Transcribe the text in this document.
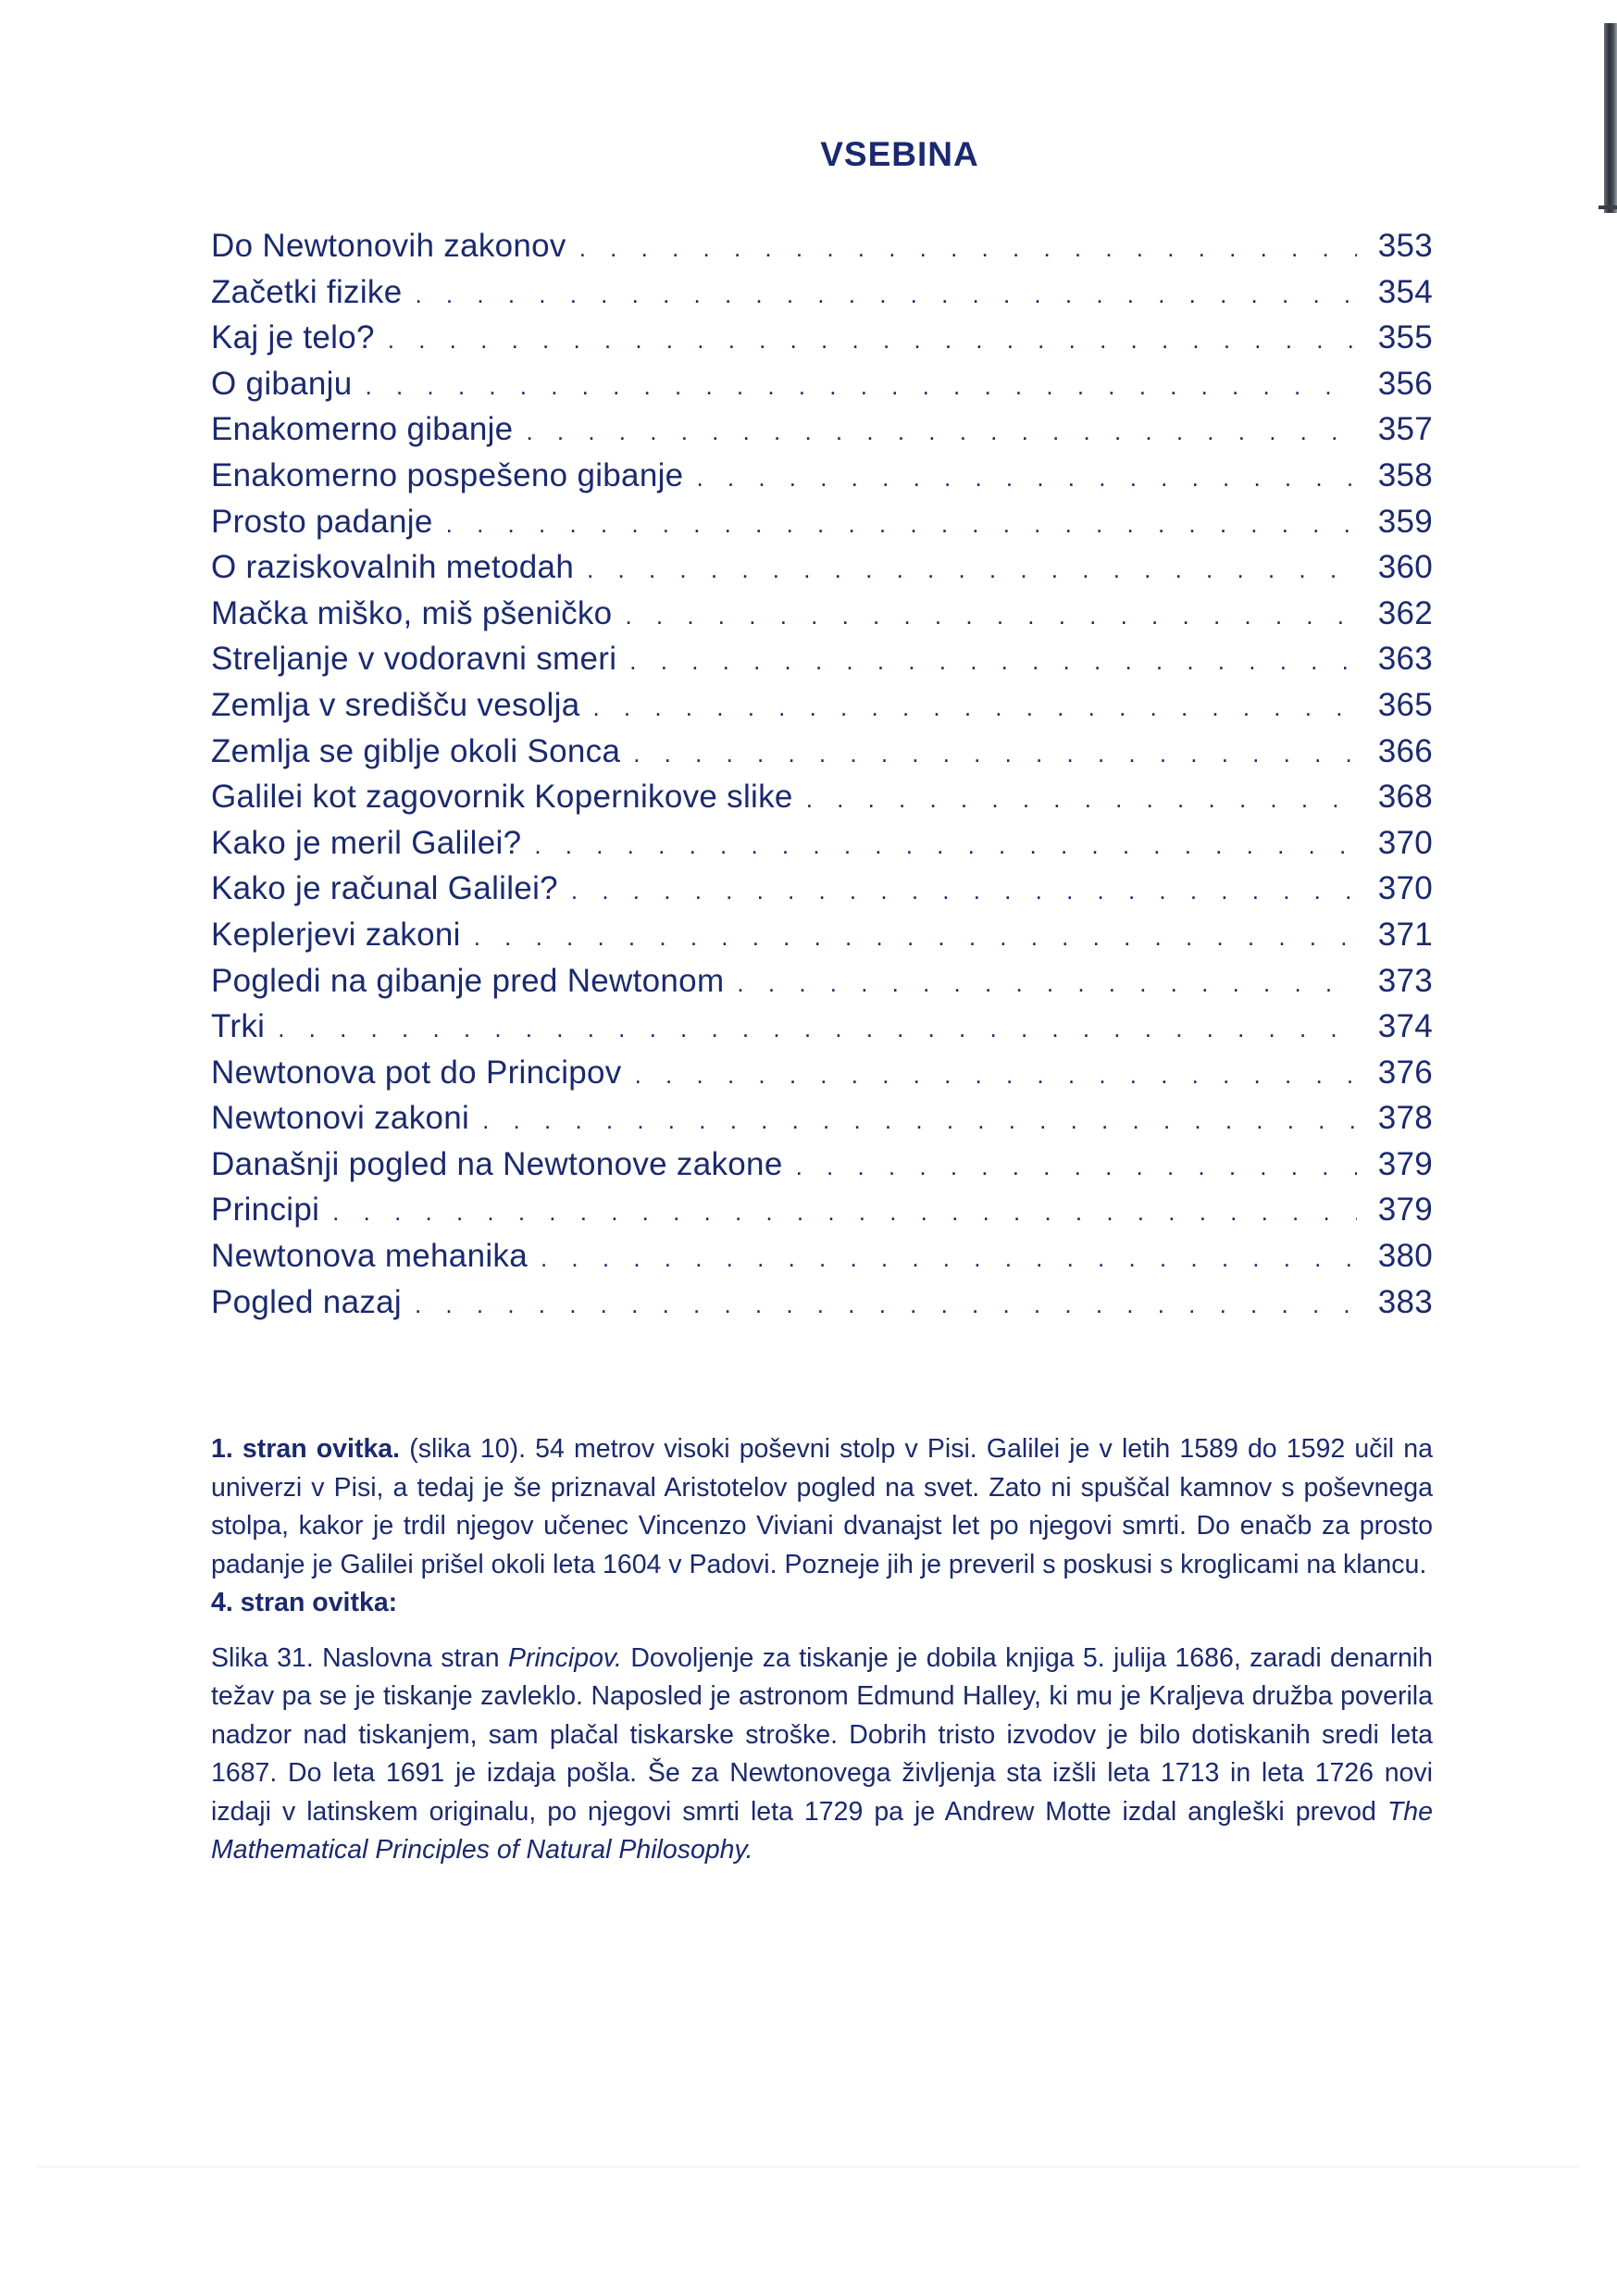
VSEBINA
Do Newtonovih zakonov . . .	353
Začetki fizike . . .	354
Kaj je telo? . . .	355
O gibanju . . .	356
Enakomerno gibanje . . .	357
Enakomerno pospešeno gibanje . . .	358
Prosto padanje . . .	359
O raziskovalnih metodah . . .	360
Mačka miško, miš pšeničko . . .	362
Streljanje v vodoravni smeri . . .	363
Zemlja v središču vesolja . . .	365
Zemlja se giblje okoli Sonca . . .	366
Galilei kot zagovornik Kopernikove slike . . .	368
Kako je meril Galilei? . . .	370
Kako je računal Galilei? . . .	370
Keplerjevi zakoni . . .	371
Pogledi na gibanje pred Newtonom . . .	373
Trki . . .	374
Newtonova pot do Principov . . .	376
Newtonovi zakoni . . .	378
Današnji pogled na Newtonove zakone . . .	379
Principi . . .	379
Newtonova mehanika . . .	380
Pogled nazaj . . .	383

1. stran ovitka. (slika 10). 54 metrov visoki poševni stolp v Pisi. Galilei je v letih 1589 do 1592 učil na univerzi v Pisi, a tedaj je še priznaval Aristotelov pogled na svet. Zato ni spuščal kamnov s poševnega stolpa, kakor je trdil njegov učenec Vincenzo Viviani dvanajst let po njegovi smrti. Do enačb za prosto padanje je Galilei prišel okoli leta 1604 v Padovi. Pozneje jih je preveril s poskusi s kroglicami na klancu.

4. stran ovitka:

Slika 31. Naslovna stran Principov. Dovoljenje za tiskanje je dobila knjiga 5. julija 1686, zaradi denarnih težav pa se je tiskanje zavleklo. Naposled je astronom Edmund Halley, ki mu je Kraljeva družba poverila nadzor nad tiskanjem, sam plačal tiskarske stroške. Dobrih tristo izvodov je bilo dotiskanih sredi leta 1687. Do leta 1691 je izdaja pošla. Še za Newtonovega življenja sta izšli leta 1713 in leta 1726 novi izdaji v latinskem originalu, po njegovi smrti leta 1729 pa je Andrew Motte izdal angleški prevod The Mathematical Principles of Natural Philosophy.
